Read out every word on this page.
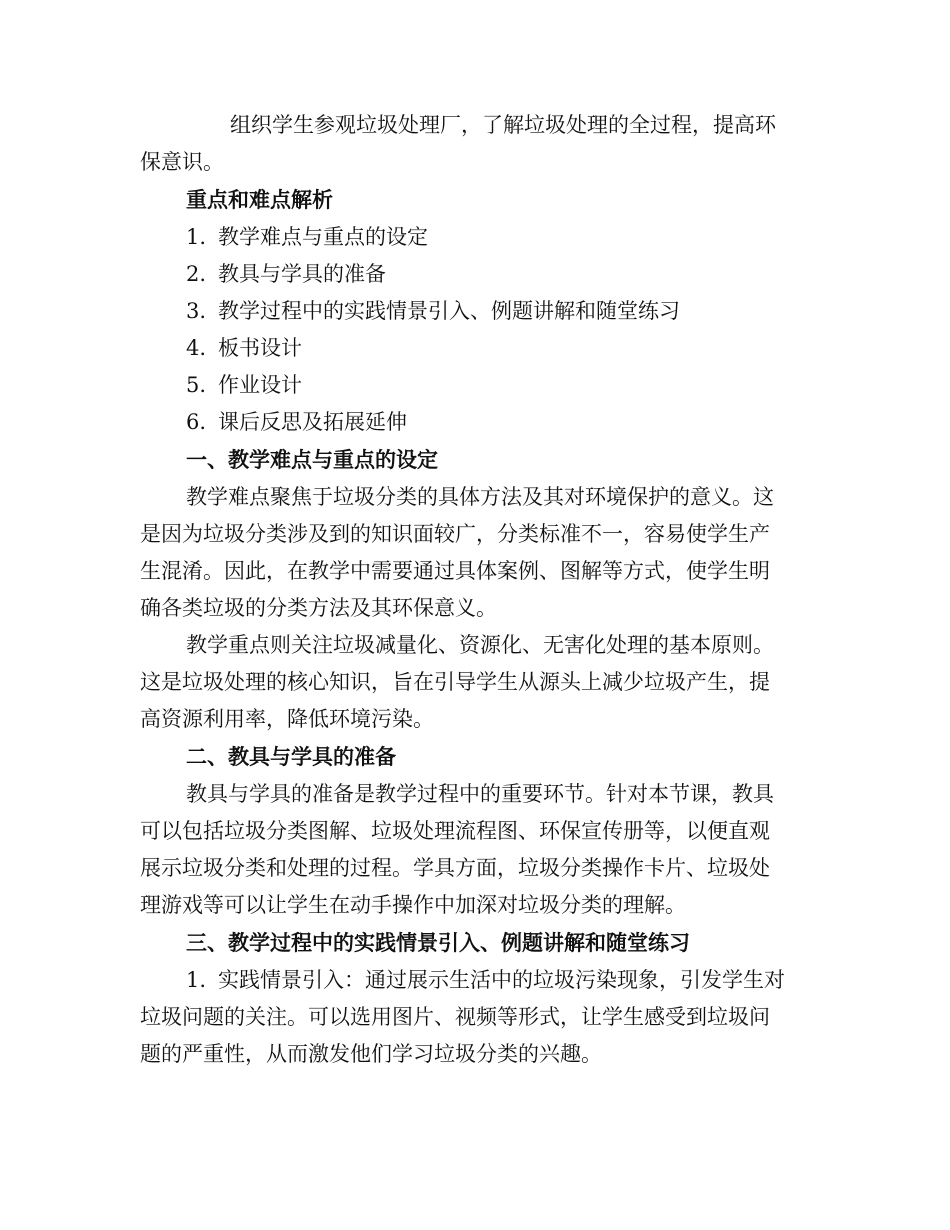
组织学生参观垃圾处理厂，了解垃圾处理的全过程，提高环

保意识。

重点和难点解析

1. 教学难点与重点的设定

2. 教具与学具的准备

3. 教学过程中的实践情景引入、例题讲解和随堂练习

4. 板书设计

5. 作业设计

6. 课后反思及拓展延伸

一、教学难点与重点的设定

教学难点聚焦于垃圾分类的具体方法及其对环境保护的意义。这

是因为垃圾分类涉及到的知识面较广，分类标准不一，容易使学生产

生混淆。因此，在教学中需要通过具体案例、图解等方式，使学生明

确各类垃圾的分类方法及其环保意义。

教学重点则关注垃圾减量化、资源化、无害化处理的基本原则。

这是垃圾处理的核心知识，旨在引导学生从源头上减少垃圾产生，提

高资源利用率，降低环境污染。

二、教具与学具的准备

教具与学具的准备是教学过程中的重要环节。针对本节课，教具

可以包括垃圾分类图解、垃圾处理流程图、环保宣传册等，以便直观

展示垃圾分类和处理的过程。学具方面，垃圾分类操作卡片、垃圾处

理游戏等可以让学生在动手操作中加深对垃圾分类的理解。

三、教学过程中的实践情景引入、例题讲解和随堂练习

1. 实践情景引入：通过展示生活中的垃圾污染现象，引发学生对

垃圾问题的关注。可以选用图片、视频等形式，让学生感受到垃圾问

题的严重性，从而激发他们学习垃圾分类的兴趣。
